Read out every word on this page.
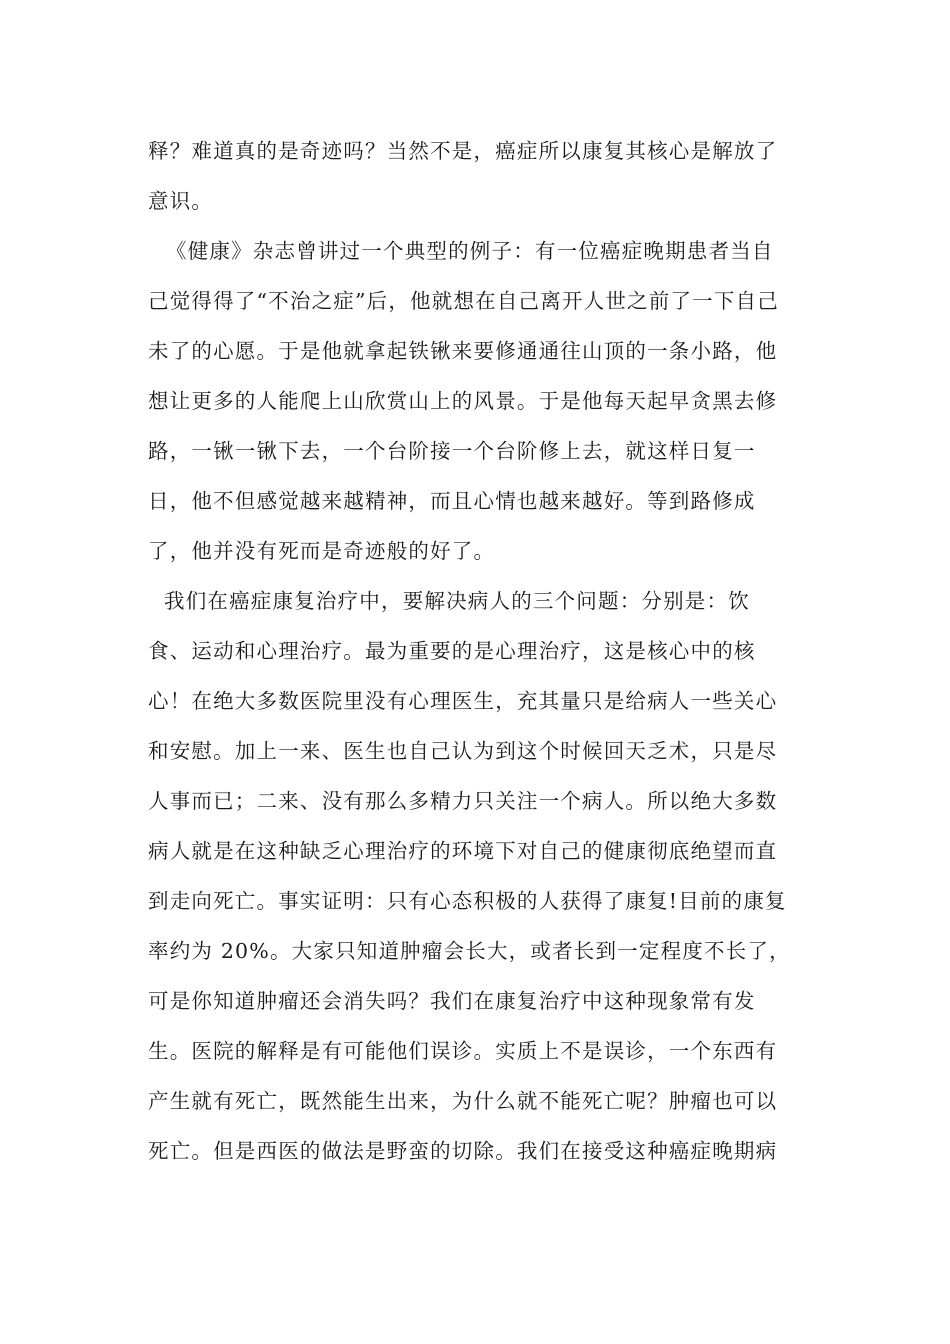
释？难道真的是奇迹吗？当然不是，癌症所以康复其核心是解放了
意识。
《健康》杂志曾讲过一个典型的例子：有一位癌症晚期患者当自
己觉得得了“不治之症”后，他就想在自己离开人世之前了一下自己
未了的心愿。于是他就拿起铁锹来要修通通往山顶的一条小路，他
想让更多的人能爬上山欣赏山上的风景。于是他每天起早贪黑去修
路，一锹一锹下去，一个台阶接一个台阶修上去，就这样日复一
日，他不但感觉越来越精神，而且心情也越来越好。等到路修成
了，他并没有死而是奇迹般的好了。
我们在癌症康复治疗中，要解决病人的三个问题：分别是：饮
食、运动和心理治疗。最为重要的是心理治疗，这是核心中的核
心！在绝大多数医院里没有心理医生，充其量只是给病人一些关心
和安慰。加上一来、医生也自己认为到这个时候回天乏术，只是尽
人事而已；二来、没有那么多精力只关注一个病人。所以绝大多数
病人就是在这种缺乏心理治疗的环境下对自己的健康彻底绝望而直
到走向死亡。事实证明：只有心态积极的人获得了康复!目前的康复
率约为 20%。大家只知道肿瘤会长大，或者长到一定程度不长了，
可是你知道肿瘤还会消失吗？我们在康复治疗中这种现象常有发
生。医院的解释是有可能他们误诊。实质上不是误诊，一个东西有
产生就有死亡，既然能生出来，为什么就不能死亡呢？肿瘤也可以
死亡。但是西医的做法是野蛮的切除。我们在接受这种癌症晚期病
